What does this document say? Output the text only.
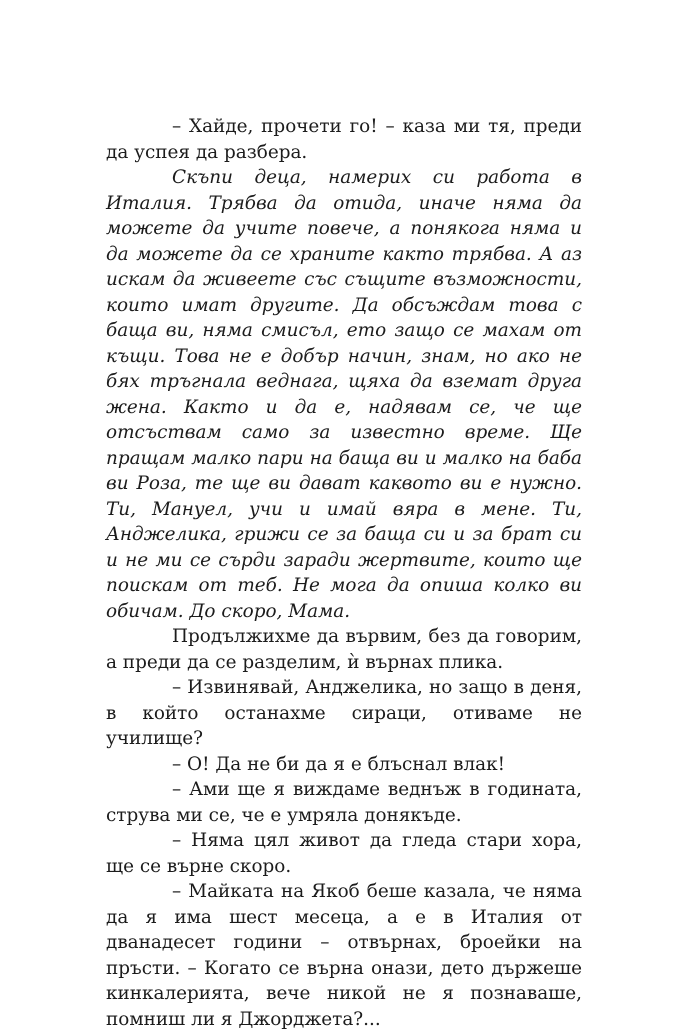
– Хайде, прочети го! – каза ми тя, преди да успея да разбера.

Скъпи деца, намерих си работа в Италия. Трябва да отида, иначе няма да можете да учите повече, а понякога няма и да можете да се храните както трябва. А аз искам да живеете със същите възможности, които имат другите. Да обсъждам това с баща ви, няма смисъл, ето защо се махам от къщи. Това не е добър начин, знам, но ако не бях тръгнала веднага, щяха да вземат друга жена. Както и да е, надявам се, че ще отсъствам само за известно време. Ще пращам малко пари на баща ви и малко на баба ви Роза, те ще ви дават каквото ви е нужно. Ти, Мануел, учи и имай вяра в мене. Ти, Анджелика, грижи се за баща си и за брат си и не ми се сърди заради жертвите, които ще поискам от теб. Не мога да опиша колко ви обичам. До скоро, Мама.

Продължихме да вървим, без да говорим, а преди да се разделим, ѝ върнах плика.

– Извинявай, Анджелика, но защо в деня, в който останахме сираци, отиваме не училище?

– О! Да не би да я е блъснал влак!

– Ами ще я виждаме веднъж в годината, струва ми се, че е умряла донякъде.

– Няма цял живот да гледа стари хора, ще се върне скоро.

– Майката на Якоб беше казала, че няма да я има шест месеца, а е в Италия от дванадесет години – отвърнах, броейки на пръсти. – Когато се върна онази, дето държеше кинкалерията, вече никой не я познаваше, помниш ли я Джорджета?...
